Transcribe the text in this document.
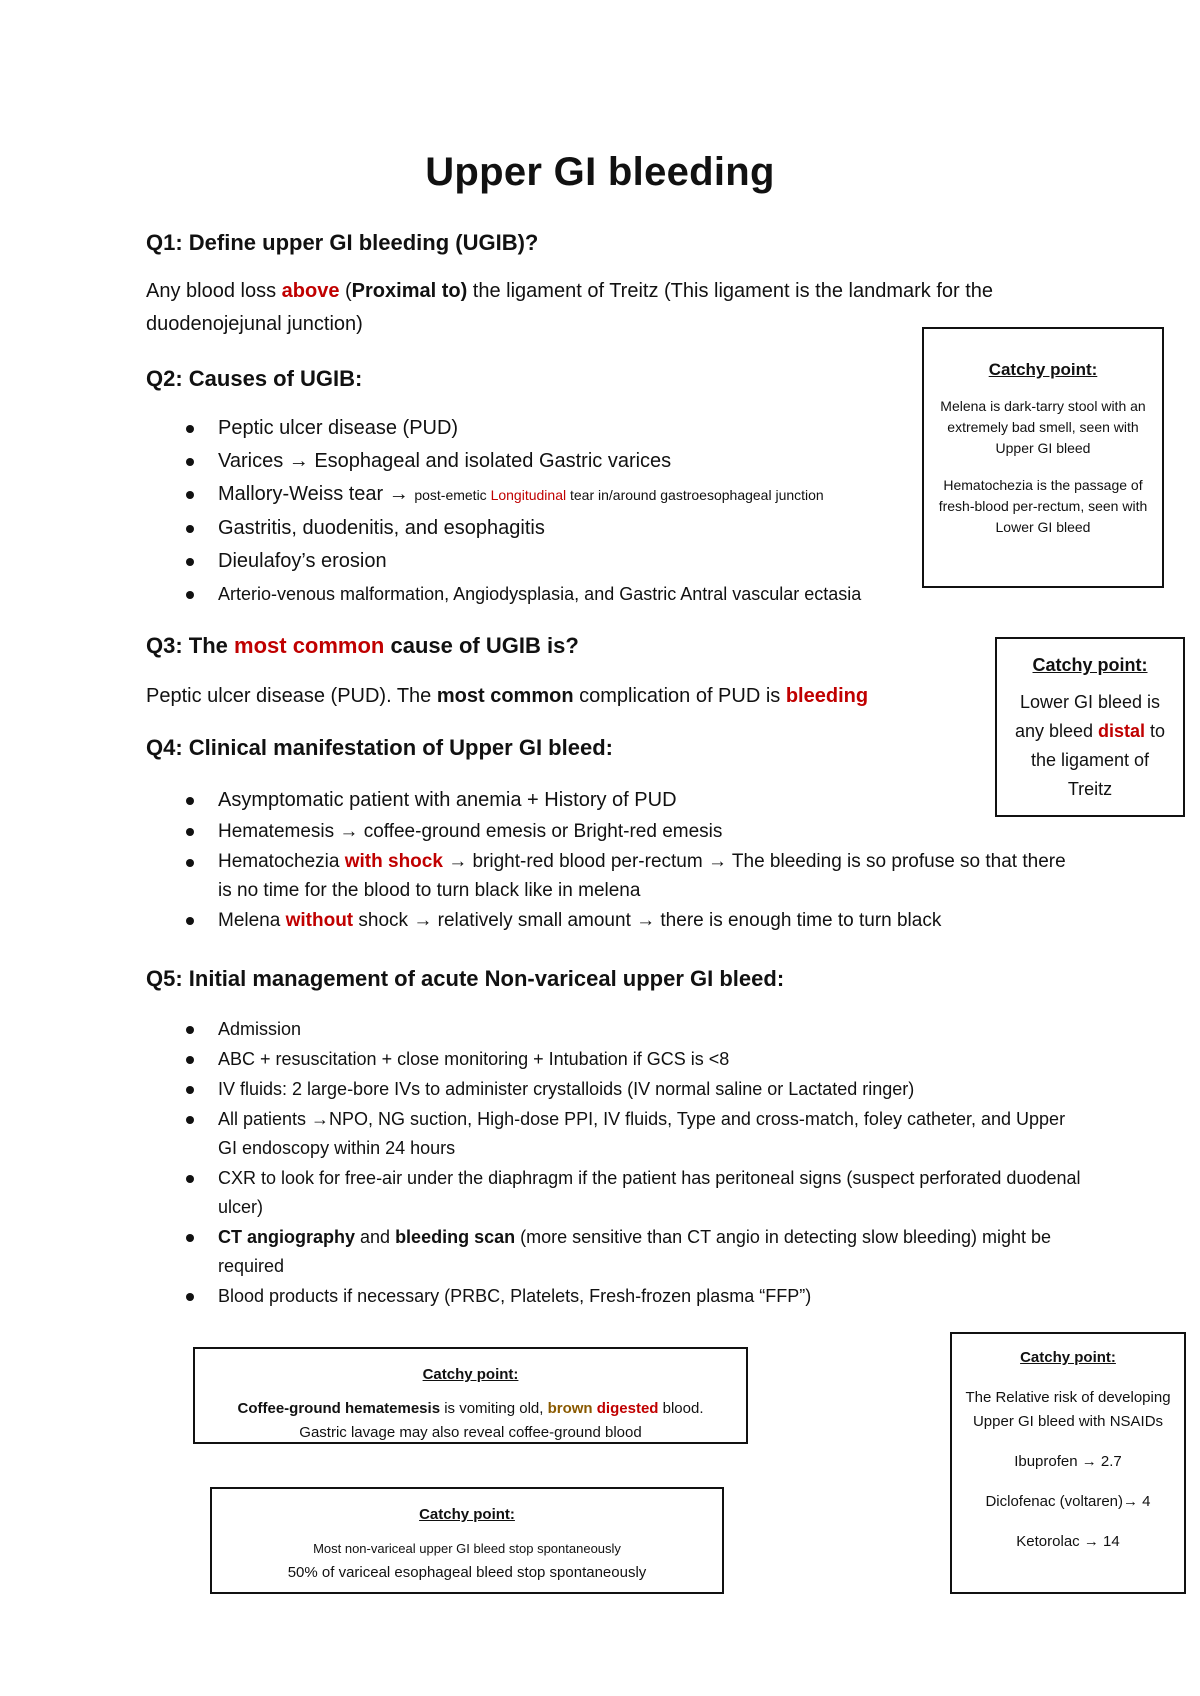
Upper GI bleeding
Q1: Define upper GI bleeding (UGIB)?

Any blood loss above (Proximal to) the ligament of Treitz (This ligament is the landmark for the duodenojejunal junction)

Q2: Causes of UGIB:
Peptic ulcer disease (PUD)
Varices → Esophageal and isolated Gastric varices
Mallory-Weiss tear → post-emetic Longitudinal tear in/around gastroesophageal junction
Gastritis, duodenitis, and esophagitis
Dieulafoy’s erosion
Arterio-venous malformation, Angiodysplasia, and Gastric Antral vascular ectasia
Q3: The most common cause of UGIB is?

Peptic ulcer disease (PUD). The most common complication of PUD is bleeding

Q4: Clinical manifestation of Upper GI bleed:
Asymptomatic patient with anemia + History of PUD
Hematemesis → coffee-ground emesis or Bright-red emesis
Hematochezia with shock → bright-red blood per-rectum → The bleeding is so profuse so that there is no time for the blood to turn black like in melena
Melena without shock → relatively small amount → there is enough time to turn black
Q5: Initial management of acute Non-variceal upper GI bleed:
Admission
ABC + resuscitation + close monitoring + Intubation if GCS is <8
IV fluids: 2 large-bore IVs to administer crystalloids (IV normal saline or Lactated ringer)
All patients →NPO, NG suction, High-dose PPI, IV fluids, Type and cross-match, foley catheter, and Upper GI endoscopy within 24 hours
CXR to look for free-air under the diaphragm if the patient has peritoneal signs (suspect perforated duodenal ulcer)
CT angiography and bleeding scan (more sensitive than CT angio in detecting slow bleeding) might be required
Blood products if necessary (PRBC, Platelets, Fresh-frozen plasma “FFP”)
Catchy point:
Melena is dark-tarry stool with an extremely bad smell, seen with Upper GI bleed
Hematochezia is the passage of fresh-blood per-rectum, seen with Lower GI bleed
Catchy point:
Lower GI bleed is any bleed distal to the ligament of Treitz
Catchy point:
Coffee-ground hematemesis is vomiting old, brown digested blood.
Gastric lavage may also reveal coffee-ground blood
Catchy point:
Most non-variceal upper GI bleed stop spontaneously
50% of variceal esophageal bleed stop spontaneously
Catchy point:
The Relative risk of developing Upper GI bleed with NSAIDs
Ibuprofen → 2.7
Diclofenac (voltaren)→ 4
Ketorolac → 14
